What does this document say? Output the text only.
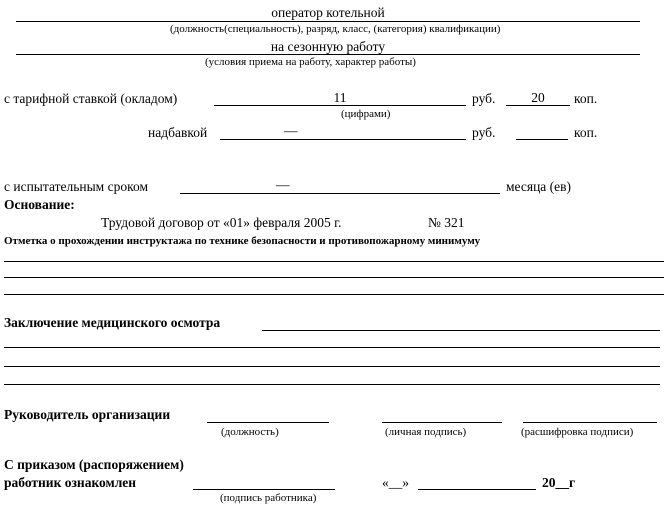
оператор котельной
(должность(специальность), разряд, класс, (категория) квалификации)
на сезонную работу
(условия приема на работу, характер работы)
с тарифной ставкой (окладом)	11	руб.	20	коп.
(цифрами)
надбавкой	—	руб.	коп.
с испытательным сроком	—	месяца (ев)
Основание:
Трудовой договор от «01» февраля 2005 г.	№ 321
Отметка о прохождении инструктажа по технике безопасности и противопожарному минимуму
Заключение медицинского осмотра
Руководитель организации
(должность)	(личная подпись)	(расшифровка подписи)
С приказом (распоряжением)
работник ознакомлен
(подпись работника)
«__»	20__г
